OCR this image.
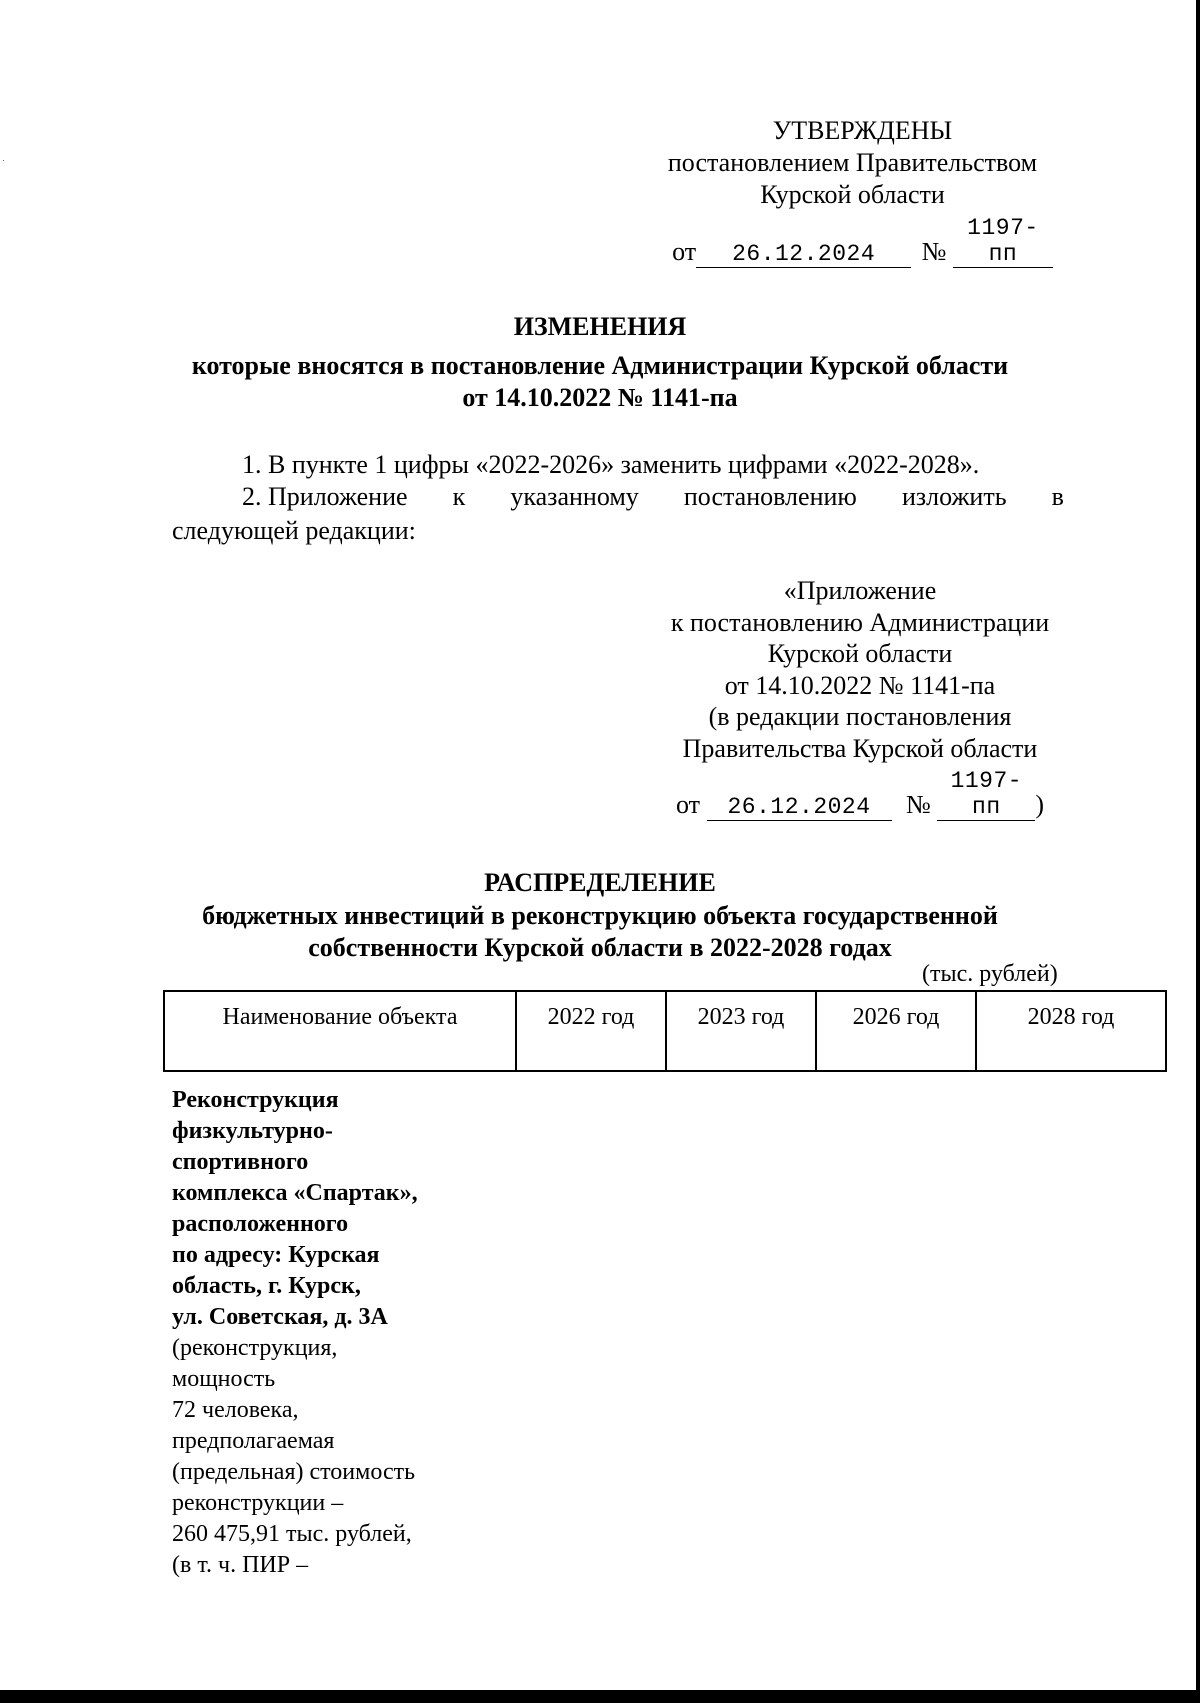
УТВЕРЖДЕНЫ
постановлением Правительством
Курской области
от 26.12.2024 № 1197-пп
ИЗМЕНЕНИЯ
которые вносятся в постановление Администрации Курской области
от 14.10.2022 № 1141-па
1. В пункте 1 цифры «2022-2026» заменить цифрами «2022-2028».
2. Приложение к указанному постановлению изложить в
следующей редакции:
«Приложение
к постановлению Администрации
Курской области
от 14.10.2022 № 1141-па
(в редакции постановления
Правительства Курской области
от 26.12.2024 № 1197-пп )
РАСПРЕДЕЛЕНИЕ
бюджетных инвестиций в реконструкцию объекта государственной
собственности Курской области в 2022-2028 годах
(тыс. рублей)
Наименование объекта	2022 год	2023 год	2026 год	2028 год
Реконструкция
физкультурно-
спортивного
комплекса «Спартак»,
расположенного
по адресу: Курская
область, г. Курск,
ул. Советская, д. 3А
(реконструкция,
мощность
72 человека,
предполагаемая
(предельная) стоимость
реконструкции –
260 475,91 тыс. рублей,
(в т. ч. ПИР –
